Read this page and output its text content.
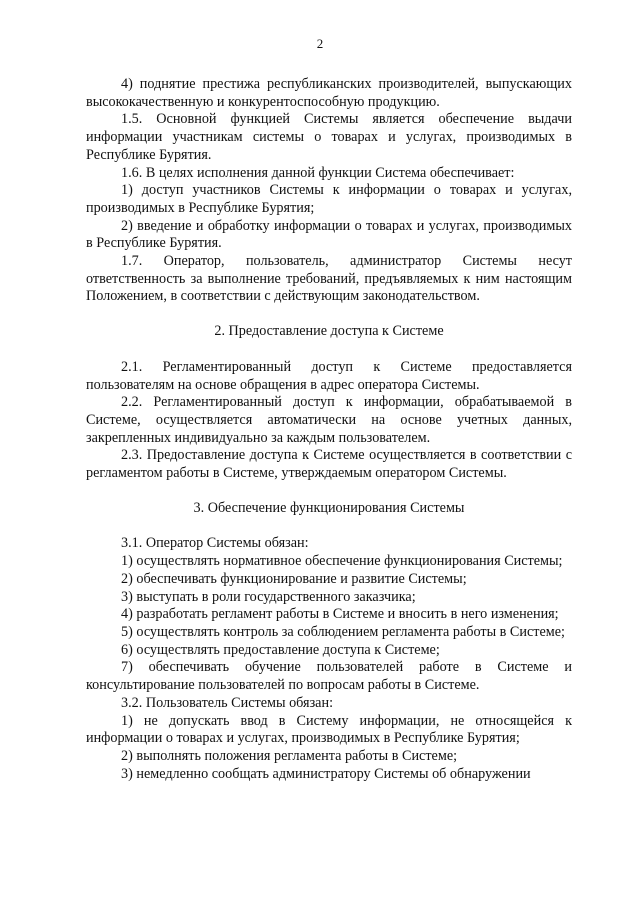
2

4) поднятие престижа республиканских производителей, выпускающих высококачественную и конкурентоспособную продукцию.

1.5. Основной функцией Системы является обеспечение выдачи информации участникам системы о товарах и услугах, производимых в Республике Бурятия.

1.6. В целях исполнения данной функции Система обеспечивает:

1) доступ участников Системы к информации о товарах и услугах, производимых в Республике Бурятия;

2) введение и обработку информации о товарах и услугах, производимых в Республике Бурятия.

1.7. Оператор, пользователь, администратор Системы несут ответственность за выполнение требований, предъявляемых к ним настоящим Положением, в соответствии с действующим законодательством.

2. Предоставление доступа к Системе

2.1. Регламентированный доступ к Системе предоставляется пользователям на основе обращения в адрес оператора Системы.

2.2. Регламентированный доступ к информации, обрабатываемой в Системе, осуществляется автоматически на основе учетных данных, закрепленных индивидуально за каждым пользователем.

2.3. Предоставление доступа к Системе осуществляется в соответствии с регламентом работы в Системе, утверждаемым оператором Системы.

3. Обеспечение функционирования Системы

3.1. Оператор Системы обязан:

1) осуществлять нормативное обеспечение функционирования Системы;

2) обеспечивать функционирование и развитие Системы;

3) выступать в роли государственного заказчика;

4) разработать регламент работы в Системе и вносить в него изменения;

5) осуществлять контроль за соблюдением регламента работы в Системе;

6) осуществлять предоставление доступа к Системе;

7) обеспечивать обучение пользователей работе в Системе и консультирование пользователей по вопросам работы в Системе.

3.2. Пользователь Системы обязан:

1) не допускать ввод в Систему информации, не относящейся к информации о товарах и услугах, производимых в Республике Бурятия;

2) выполнять положения регламента работы в Системе;

3) немедленно сообщать администратору Системы об обнаружении
